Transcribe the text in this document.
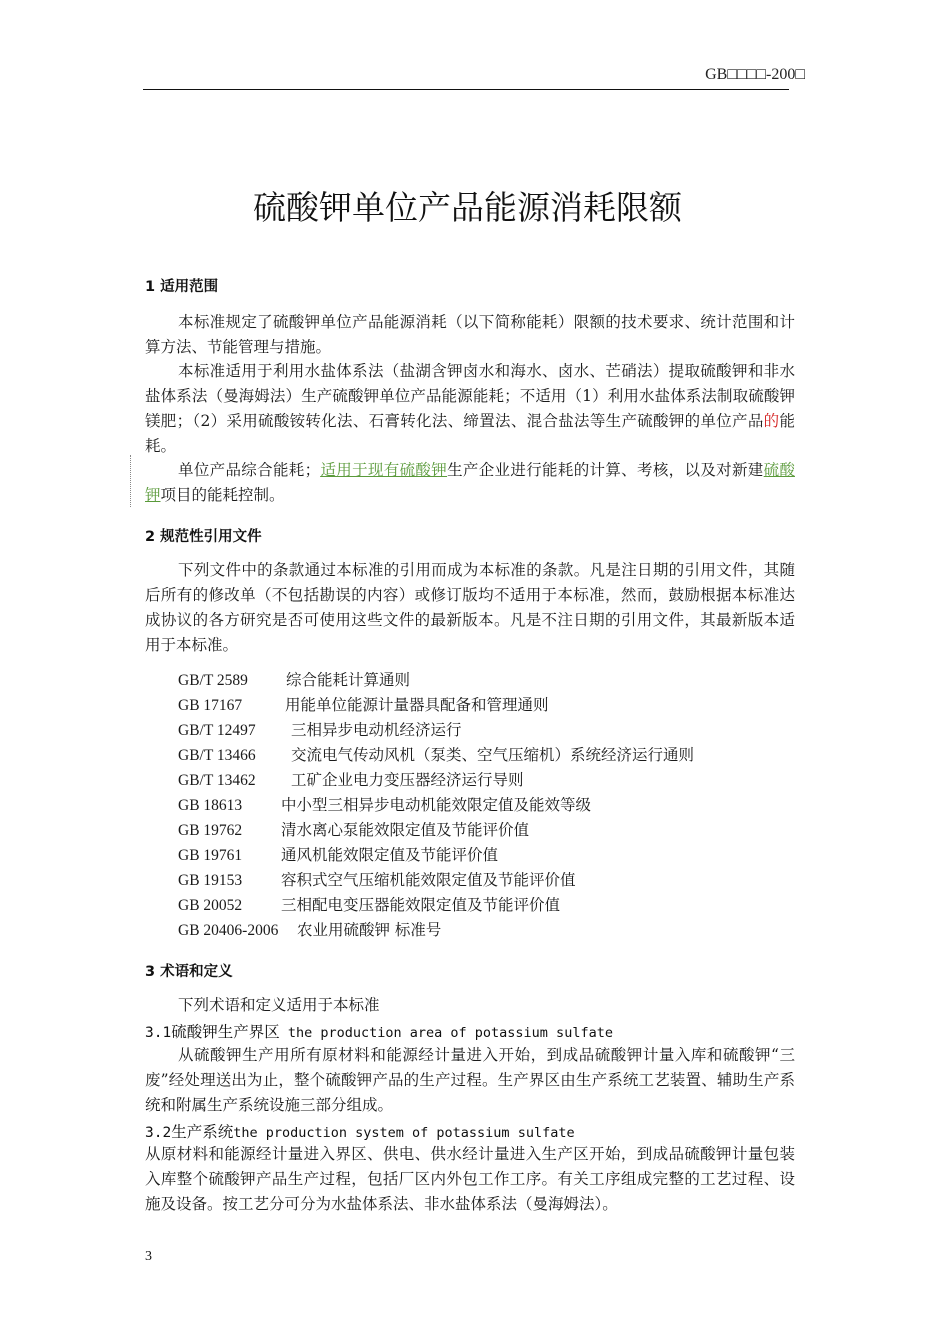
GB□□□□-200□
硫酸钾单位产品能源消耗限额
1 适用范围
本标准规定了硫酸钾单位产品能源消耗（以下简称能耗）限额的技术要求、统计范围和计算方法、节能管理与措施。
本标准适用于利用水盐体系法（盐湖含钾卤水和海水、卤水、芒硝法）提取硫酸钾和非水盐体系法（曼海姆法）生产硫酸钾单位产品能源能耗；不适用（1）利用水盐体系法制取硫酸钾镁肥；（2）采用硫酸铵转化法、石膏转化法、缔置法、混合盐法等生产硫酸钾的单位产品的能耗。
单位产品综合能耗；适用于现有硫酸钾生产企业进行能耗的计算、考核，以及对新建硫酸钾项目的能耗控制。
2 规范性引用文件
下列文件中的条款通过本标准的引用而成为本标准的条款。凡是注日期的引用文件，其随后所有的修改单（不包括勘误的内容）或修订版均不适用于本标准，然而，鼓励根据本标准达成协议的各方研究是否可使用这些文件的最新版本。凡是不注日期的引用文件，其最新版本适用于本标准。
GB/T 2589 综合能耗计算通则
GB 17167	用能单位能源计量器具配备和管理通则
GB/T 12497 三相异步电动机经济运行
GB/T 13466 交流电气传动风机（泵类、空气压缩机）系统经济运行通则
GB/T 13462 工矿企业电力变压器经济运行导则
GB 18613	中小型三相异步电动机能效限定值及能效等级
GB 19762	清水离心泵能效限定值及节能评价值
GB 19761	通风机能效限定值及节能评价值
GB 19153	容积式空气压缩机能效限定值及节能评价值
GB 20052	三相配电变压器能效限定值及节能评价值
GB 20406-2006 农业用硫酸钾 标准号
3 术语和定义
下列术语和定义适用于本标准
3.1硫酸钾生产界区 the production area of potassium sulfate
从硫酸钾生产用所有原材料和能源经计量进入开始，到成品硫酸钾计量入库和硫酸钾“三废”经处理送出为止，整个硫酸钾产品的生产过程。生产界区由生产系统工艺装置、辅助生产系统和附属生产系统设施三部分组成。
3.2生产系统the production system of potassium sulfate
从原材料和能源经计量进入界区、供电、供水经计量进入生产区开始，到成品硫酸钾计量包装入库整个硫酸钾产品生产过程，包括厂区内外包工作工序。有关工序组成完整的工艺过程、设施及设备。按工艺分可分为水盐体系法、非水盐体系法（曼海姆法）。
3
